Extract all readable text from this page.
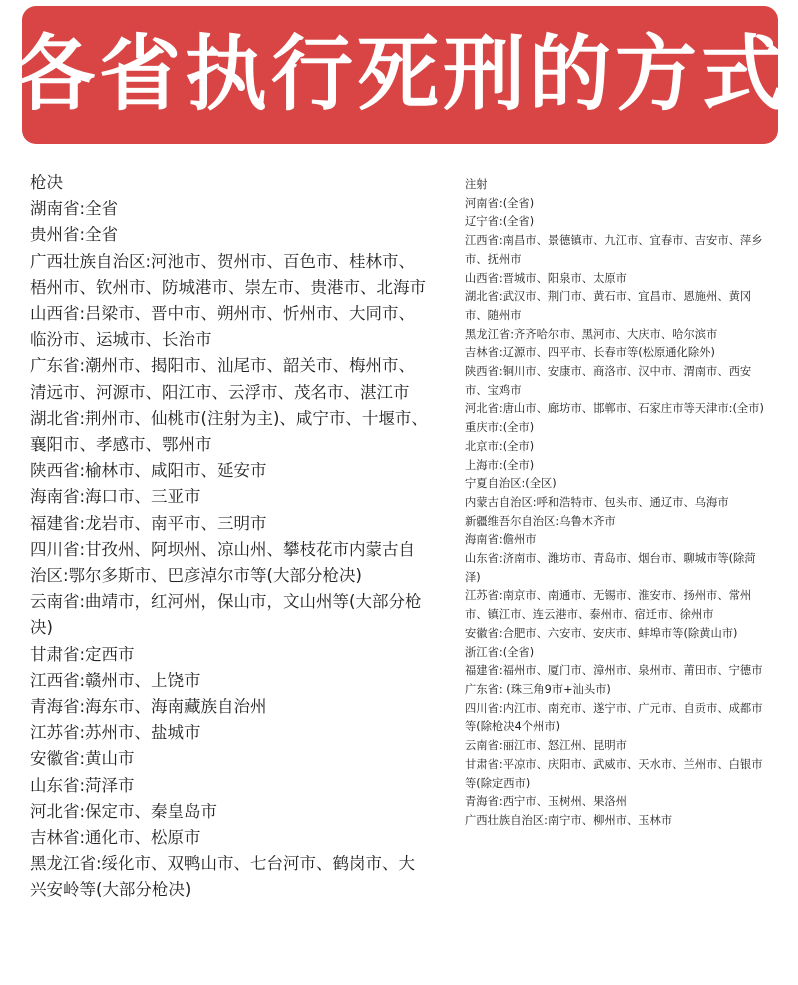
各省执行死刑的方式
枪决
湖南省:全省
贵州省:全省
广西壮族自治区:河池市、贺州市、百色市、桂林市、梧州市、钦州市、防城港市、崇左市、贵港市、北海市
山西省:吕梁市、晋中市、朔州市、忻州市、大同市、临汾市、运城市、长治市
广东省:潮州市、揭阳市、汕尾市、韶关市、梅州市、清远市、河源市、阳江市、云浮市、茂名市、湛江市
湖北省:荆州市、仙桃市(注射为主)、咸宁市、十堰市、襄阳市、孝感市、鄂州市
陕西省:榆林市、咸阳市、延安市
海南省:海口市、三亚市
福建省:龙岩市、南平市、三明市
四川省:甘孜州、阿坝州、凉山州、攀枝花市内蒙古自治区:鄂尔多斯市、巴彦淖尔市等(大部分枪决)
云南省:曲靖市，红河州，保山市，文山州等(大部分枪决)
甘肃省:定西市
江西省:赣州市、上饶市
青海省:海东市、海南藏族自治州
江苏省:苏州市、盐城市
安徽省:黄山市
山东省:菏泽市
河北省:保定市、秦皇岛市
吉林省:通化市、松原市
黑龙江省:绥化市、双鸭山市、七台河市、鹤岗市、大兴安岭等(大部分枪决)
注射
河南省:(全省)
辽宁省:(全省)
江西省:南昌市、景德镇市、九江市、宜春市、吉安市、萍乡市、抚州市
山西省:晋城市、阳泉市、太原市
湖北省:武汉市、荆门市、黄石市、宜昌市、恩施州、黄冈市、随州市
黑龙江省:齐齐哈尔市、黑河市、大庆市、哈尔滨市
吉林省:辽源市、四平市、长春市等(松原通化除外)
陕西省:铜川市、安康市、商洛市、汉中市、渭南市、西安市、宝鸡市
河北省:唐山市、廊坊市、邯郸市、石家庄市等天津市:(全市)
重庆市:(全市)
北京市:(全市)
上海市:(全市)
宁夏自治区:(全区)
内蒙古自治区:呼和浩特市、包头市、通辽市、乌海市
新疆维吾尔自治区:乌鲁木齐市
海南省:儋州市
山东省:济南市、潍坊市、青岛市、烟台市、聊城市等(除菏泽)
江苏省:南京市、南通市、无锡市、淮安市、扬州市、常州市、镇江市、连云港市、泰州市、宿迁市、徐州市
安徽省:合肥市、六安市、安庆市、蚌埠市等(除黄山市)
浙江省:(全省)
福建省:福州市、厦门市、漳州市、泉州市、莆田市、宁德市
广东省: (珠三角9市+汕头市)
四川省:内江市、南充市、遂宁市、广元市、自贡市、成都市等(除枪决4个州市)
云南省:丽江市、怒江州、昆明市
甘肃省:平凉市、庆阳市、武威市、天水市、兰州市、白银市等(除定西市)
青海省:西宁市、玉树州、果洛州
广西壮族自治区:南宁市、柳州市、玉林市
